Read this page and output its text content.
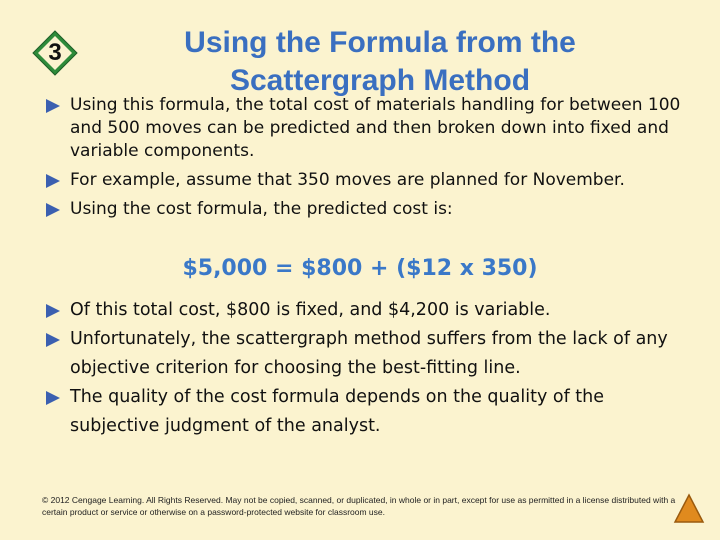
3	Using the Formula from the
Scattergraph Method
Using this formula, the total cost of materials handling for between 100 and 500 moves can be predicted and then broken down into fixed and variable components.
For example, assume that 350 moves are planned for November.
Using the cost formula, the predicted cost is:
$5,000 = $800 + ($12 x 350)
Of this total cost, $800 is fixed, and $4,200 is variable.
Unfortunately, the scattergraph method suffers from the lack of any objective criterion for choosing the best-fitting line.
The quality of the cost formula depends on the quality of the subjective judgment of the analyst.
© 2012 Cengage Learning. All Rights Reserved. May not be copied, scanned, or duplicated, in whole or in part, except for use as permitted in a license distributed with a certain product or service or otherwise on a password-protected website for classroom use.
